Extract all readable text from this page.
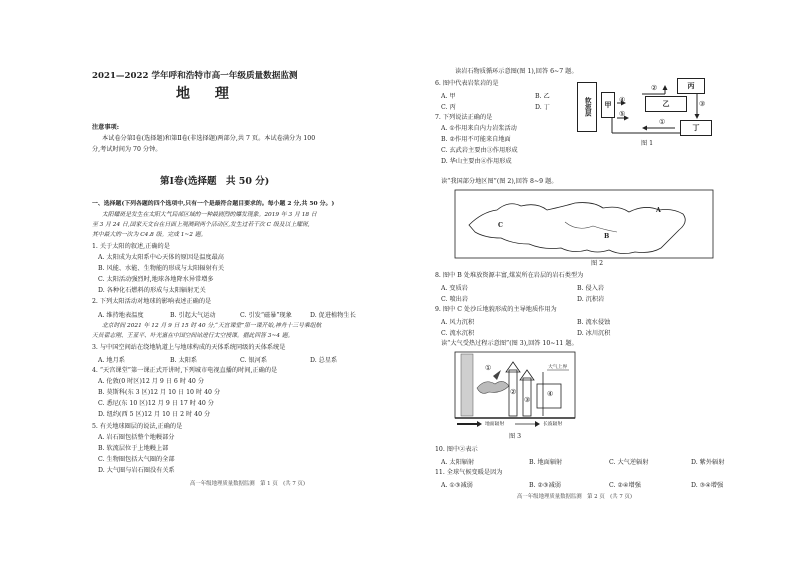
2021—2022 学年呼和浩特市高一年级质量数据监测
地 理
注意事项:
本试卷分第Ⅰ卷(选择题)和第Ⅱ卷(非选择题)两部分,共 7 页。本试卷满分为 100
分,考试时间为 70 分钟。
第Ⅰ卷(选择题　共 50 分)
一、选择题(下列各题的四个选项中,只有一个是最符合题目要求的。每小题 2 分,共 50 分。)
太阳耀斑是发生在太阳大气局部区域的一种最剧烈的爆发现象。2019 年 3 月 18 日
至 3 月 24 日,国家天文台在日面上观测到两个活动区,发生过若干次 C 级及以上耀斑,
其中最大的一次为 C4.8 级。完成 1~2 题。
1. 关于太阳的叙述,正确的是
A. 太阳成为太阳系中心天体的原因是温度最高
B. 风能、水能、生物能的形成与太阳辐射有关
C. 太阳活动强烈时,地球各地降水异常增多
D. 各种化石燃料的形成与太阳辐射无关
2. 下列太阳活动对地球的影响表述正确的是
A. 维持地表温度	B. 引起大气运动	C. 引发“磁暴”现象	D. 促进植物生长
北京时间 2021 年 12 月 9 日 15 时 40 分,“天宫课堂”第一课开始,神舟十三号乘组航
天员翟志刚、王亚平、叶光富在中国空间站进行太空授课。据此回答 3~4 题。
3. 与中国空间站在绕地轨道上与地球构成的天体系统同级的天体系统是
A. 地月系	B. 太阳系	C. 银河系	D. 总星系
4. “天宫课堂”第一课正式开讲时,下列城市电视直播的时间,正确的是
A. 伦敦(0 时区)12 月 9 日 6 时 40 分
B. 莫斯科(东 3 区)12 月 10 日 10 时 40 分
C. 悉尼(东 10 区)12 月 9 日 17 时 40 分
D. 纽约(西 5 区)12 月 10 日 2 时 40 分
5. 有关地球圈层的说法,正确的是
A. 岩石圈包括整个地幔部分
B. 软流层位于上地幔上部
C. 生物圈包括大气圈的全部
D. 大气圈与岩石圈没有关系
高一年级地理质量数据监测　第 1 页　(共 7 页)
读岩石物质循环示意图(图 1),回答 6~7 题。
6. 图中代表岩浆岩的是
A. 甲	B. 乙
C. 丙	D. 丁
7. 下列说法正确的是
A. ①作用来自内力岩浆活动
B. ②作用不可能来自地面
C. 玄武岩主要由③作用形成
D. 华山主要由④作用形成
软流层	甲	乙
丙
丁
④
②
③
①
⑤
图 1
读“我国部分地区图”(图 2),回答 8~9 题。
A
B
C
图 2
8. 图中 B 处堆放资源丰富,煤炭所在岩层的岩石类型为
A. 变质岩	B. 侵入岩
C. 喷出岩	D. 沉积岩
9. 图中 C 处沙丘地貌形成的主导地质作用为
A. 风力沉积	B. 流水侵蚀
C. 流水沉积	D. 冰川沉积
读“大气受热过程示意图”(图 3),回答 10~11 题。
①
②
③
④
大气上界
地面辐射	长波辐射
图 3
10. 图中②表示
A. 太阳辐射	B. 地面辐射	C. 大气逆辐射	D. 紫外辐射
11. 全球气候变暖是因为
A. ①③减弱	B. ②③减弱	C. ②④增强	D. ③④增强
高一年级地理质量数据监测　第 2 页　(共 7 页)
